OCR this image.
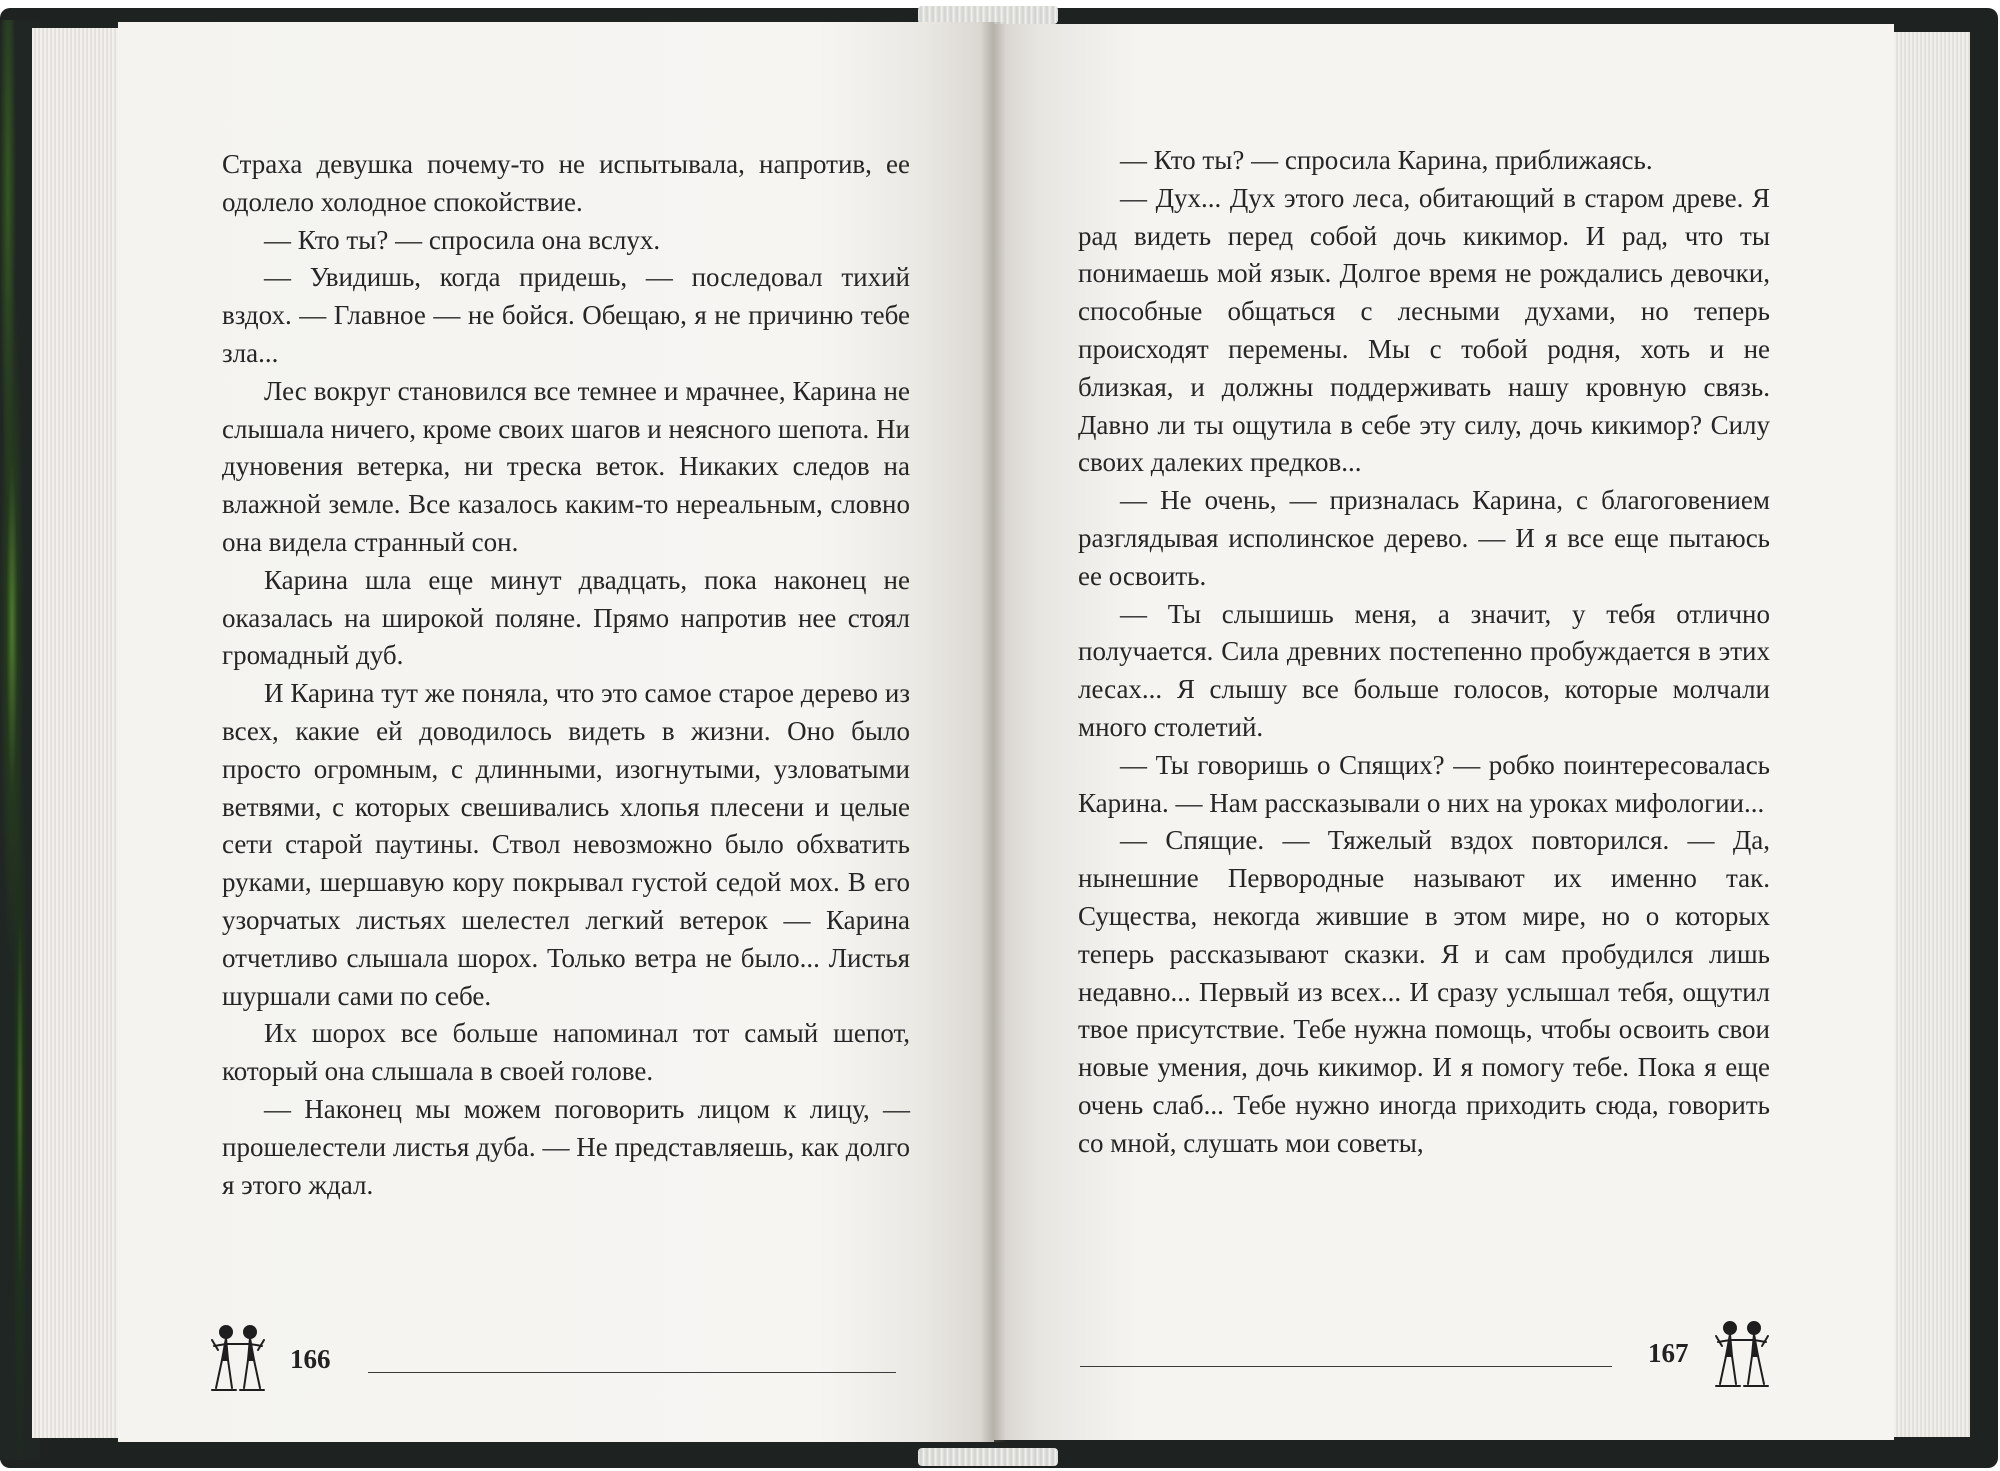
Страха девушка почему-то не испытывала, напротив, ее одолело холодное спокойствие.

— Кто ты? — спросила она вслух.

— Увидишь, когда придешь, — последовал тихий вздох. — Главное — не бойся. Обещаю, я не причиню тебе зла...

Лес вокруг становился все темнее и мрачнее, Карина не слышала ничего, кроме своих шагов и неясного шепота. Ни дуновения ветерка, ни треска веток. Никаких следов на влажной земле. Все казалось каким-то нереальным, словно она видела странный сон.

Карина шла еще минут двадцать, пока наконец не оказалась на широкой поляне. Прямо напротив нее стоял громадный дуб.

И Карина тут же поняла, что это самое старое дерево из всех, какие ей доводилось видеть в жизни. Оно было просто огромным, с длинными, изогнутыми, узловатыми ветвями, с которых свешивались хлопья плесени и целые сети старой паутины. Ствол невозможно было обхватить руками, шершавую кору покрывал густой седой мох. В его узорчатых листьях шелестел легкий ветерок — Карина отчетливо слышала шорох. Только ветра не было... Листья шуршали сами по себе.

Их шорох все больше напоминал тот самый шепот, который она слышала в своей голове.

— Наконец мы можем поговорить лицом к лицу, — прошелестели листья дуба. — Не представляешь, как долго я этого ждал.

— Кто ты? — спросила Карина, приближаясь.

— Дух... Дух этого леса, обитающий в старом древе. Я рад видеть перед собой дочь кикимор. И рад, что ты понимаешь мой язык. Долгое время не рождались девочки, способные общаться с лесными духами, но теперь происходят перемены. Мы с тобой родня, хоть и не близкая, и должны поддерживать нашу кровную связь. Давно ли ты ощутила в себе эту силу, дочь кикимор? Силу своих далеких предков...

— Не очень, — призналась Карина, с благоговением разглядывая исполинское дерево. — И я все еще пытаюсь ее освоить.

— Ты слышишь меня, а значит, у тебя отлично получается. Сила древних постепенно пробуждается в этих лесах... Я слышу все больше голосов, которые молчали много столетий.

— Ты говоришь о Спящих? — робко поинтересовалась Карина. — Нам рассказывали о них на уроках мифологии...

— Спящие. — Тяжелый вздох повторился. — Да, нынешние Перворoдные называют их именно так. Существа, некогда жившие в этом мире, но о которых теперь рассказывают сказки. Я и сам пробудился лишь недавно... Первый из всех... И сразу услышал тебя, ощутил твое присутствие. Тебе нужна помощь, чтобы освоить свои новые умения, дочь кикимор. И я помогу тебе. Пока я еще очень слаб... Тебе нужно иногда приходить сюда, говорить со мной, слушать мои советы,

166	167
